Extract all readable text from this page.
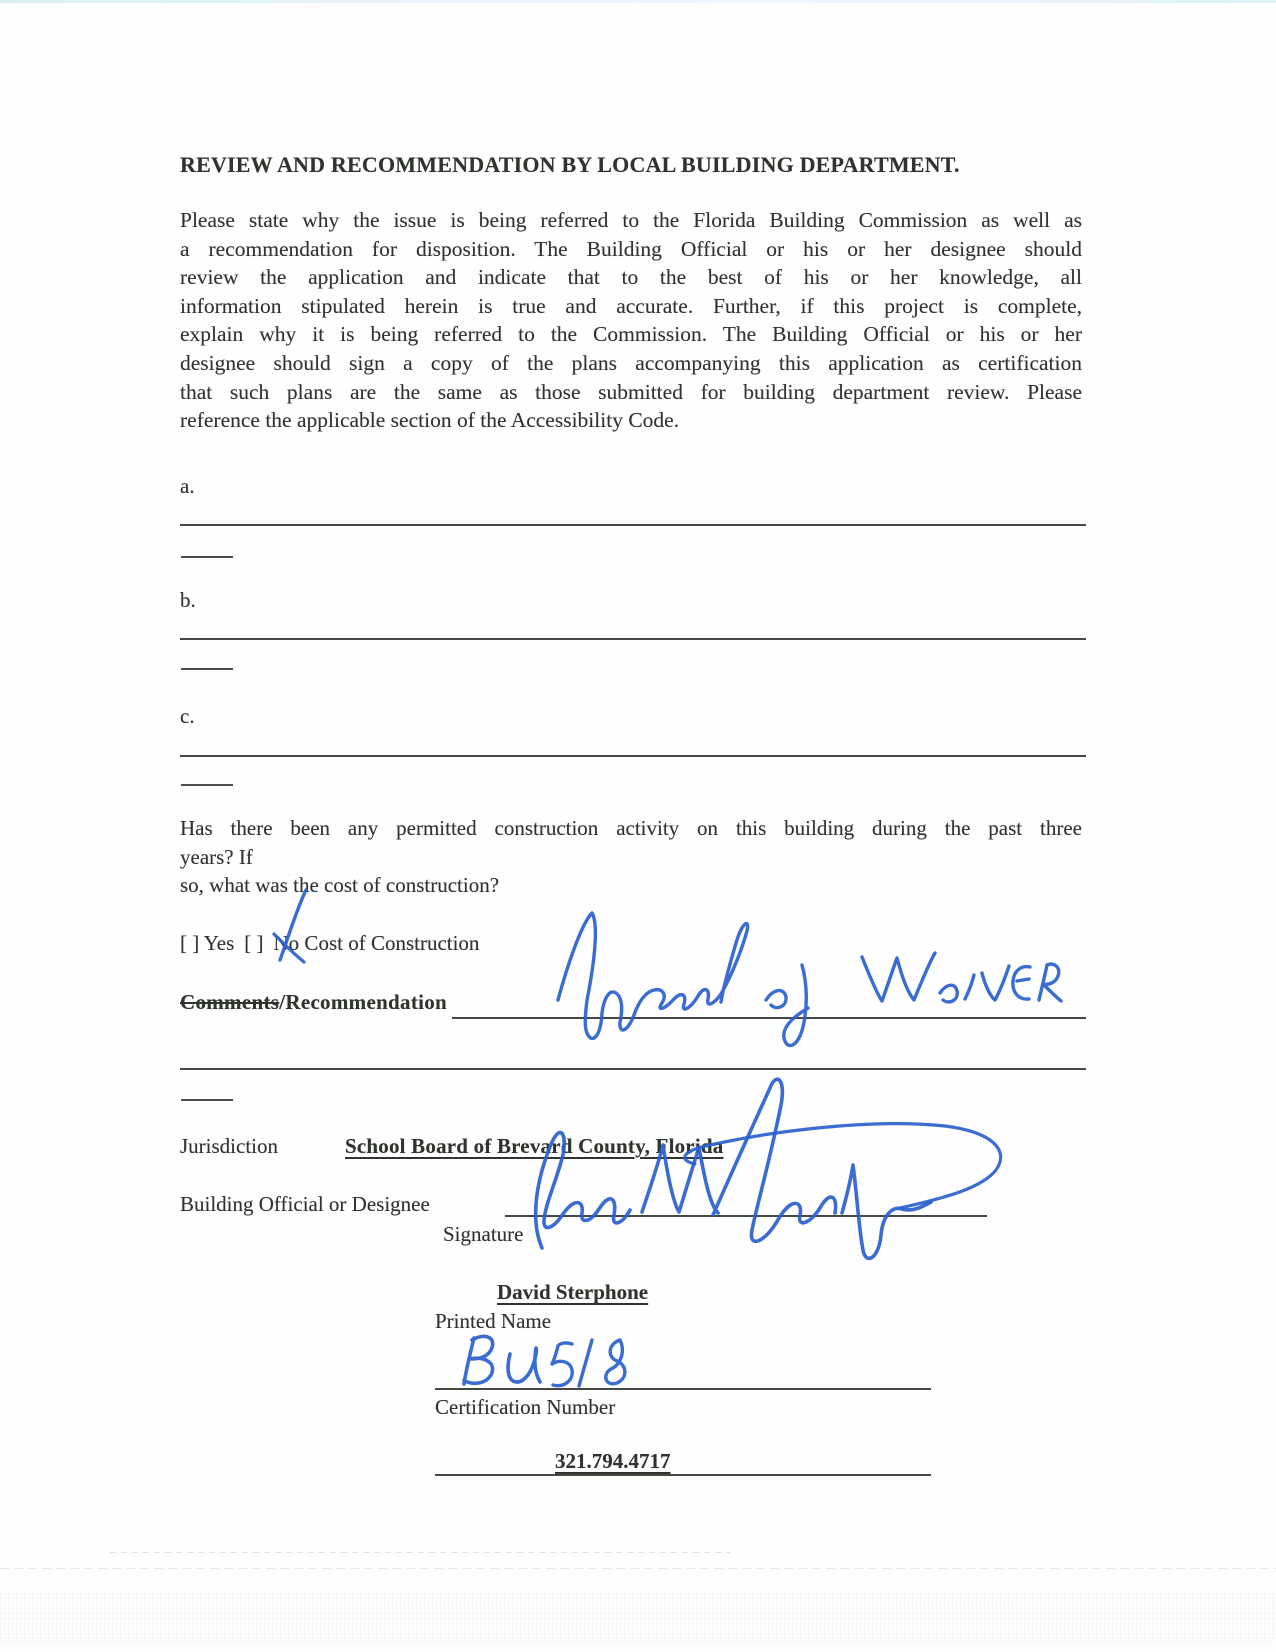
REVIEW AND RECOMMENDATION BY LOCAL BUILDING DEPARTMENT.
Please state why the issue is being referred to the Florida Building Commission as well as
a recommendation for disposition. The Building Official or his or her designee should
review the application and indicate that to the best of his or her knowledge, all
information stipulated herein is true and accurate. Further, if this project is complete,
explain why it is being referred to the Commission. The Building Official or his or her
designee should sign a copy of the plans accompanying this application as certification
that such plans are the same as those submitted for building department review. Please
reference the applicable section of the Accessibility Code.
a.
b.
c.
Has there been any permitted construction activity on this building during the past three
years? If
so, what was the cost of construction?
[ ] Yes [ ] No Cost of Construction
Comments/Recommendation
Jurisdiction	School Board of Brevard County, Florida
Building Official or Designee
Signature
David Sterphone
Printed Name
Certification Number
321.794.4717
